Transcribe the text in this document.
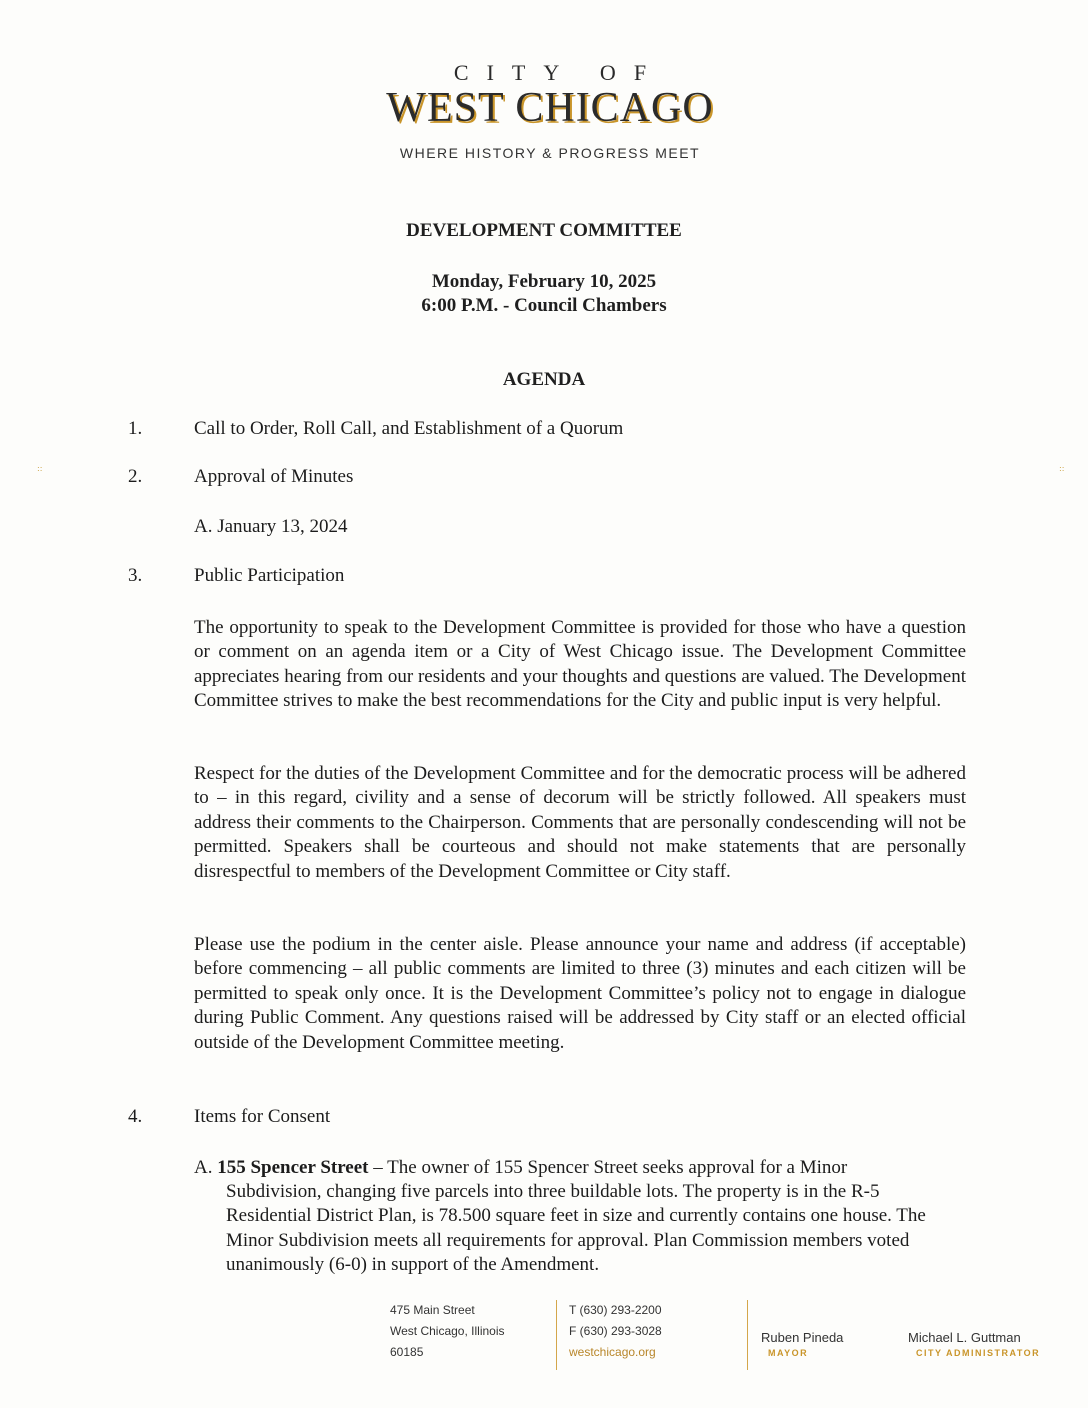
CITY OF
WEST CHICAGO
WHERE HISTORY & PROGRESS MEET
DEVELOPMENT COMMITTEE
Monday, February 10, 2025
6:00 P.M. - Council Chambers
AGENDA
1.	Call to Order, Roll Call, and Establishment of a Quorum
2.	Approval of Minutes
A. January 13, 2024
3.	Public Participation
The opportunity to speak to the Development Committee is provided for those who have a question or comment on an agenda item or a City of West Chicago issue. The Development Committee appreciates hearing from our residents and your thoughts and questions are valued. The Development Committee strives to make the best recommendations for the City and public input is very helpful.
Respect for the duties of the Development Committee and for the democratic process will be adhered to – in this regard, civility and a sense of decorum will be strictly followed. All speakers must address their comments to the Chairperson. Comments that are personally condescending will not be permitted. Speakers shall be courteous and should not make statements that are personally disrespectful to members of the Development Committee or City staff.
Please use the podium in the center aisle. Please announce your name and address (if acceptable) before commencing – all public comments are limited to three (3) minutes and each citizen will be permitted to speak only once. It is the Development Committee’s policy not to engage in dialogue during Public Comment. Any questions raised will be addressed by City staff or an elected official outside of the Development Committee meeting.
4.	Items for Consent
A. 155 Spencer Street – The owner of 155 Spencer Street seeks approval for a Minor
Subdivision, changing five parcels into three buildable lots. The property is in the R-5 Residential District Plan, is 78.500 square feet in size and currently contains one house. The Minor Subdivision meets all requirements for approval. Plan Commission members voted unanimously (6-0) in support of the Amendment.
::	::
475 Main Street
West Chicago, Illinois
60185
T (630) 293-2200
F (630) 293-3028
westchicago.org
Ruben Pineda
MAYOR
Michael L. Guttman
CITY ADMINISTRATOR
